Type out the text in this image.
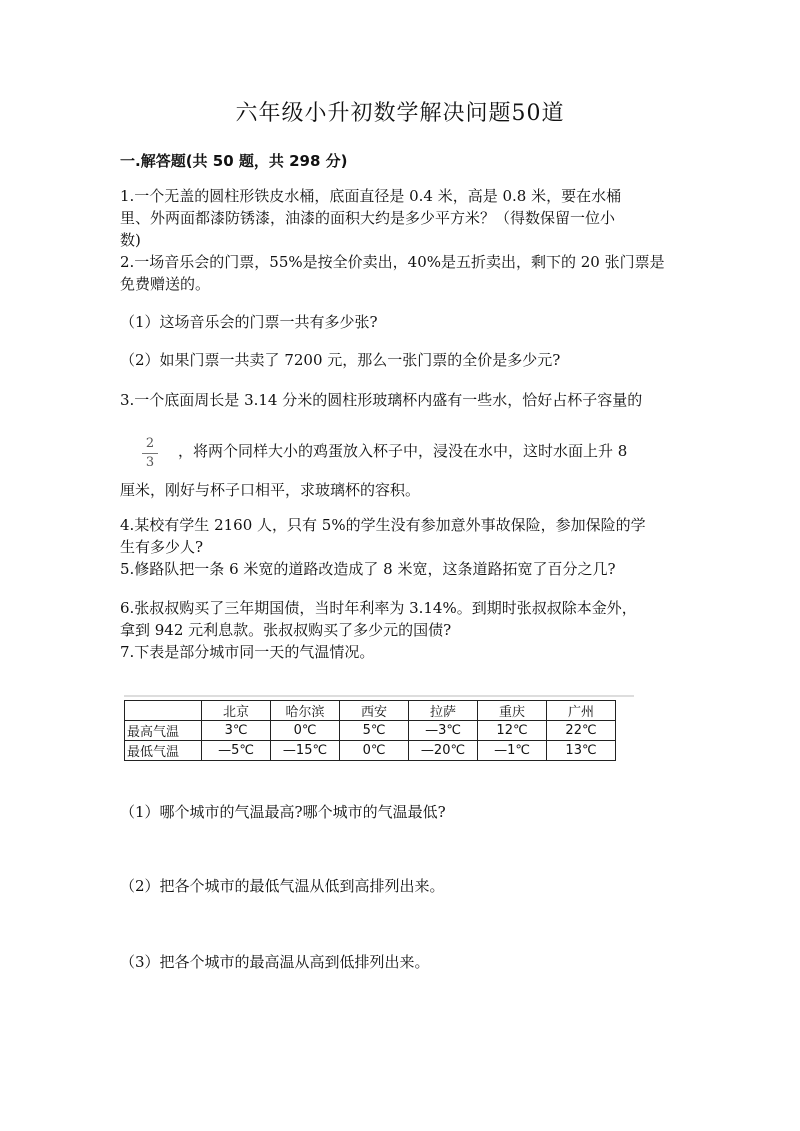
六年级小升初数学解决问题50道
一.解答题(共 50 题，共 298 分)

1.一个无盖的圆柱形铁皮水桶，底面直径是 0.4 米，高是 0.8 米，要在水桶

里、外两面都漆防锈漆，油漆的面积大约是多少平方米？（得数保留一位小

数)

2.一场音乐会的门票，55%是按全价卖出，40%是五折卖出，剩下的 20 张门票是

免费赠送的。

（1）这场音乐会的门票一共有多少张?

（2）如果门票一共卖了 7200 元，那么一张门票的全价是多少元?

3.一个底面周长是 3.14 分米的圆柱形玻璃杯内盛有一些水，恰好占杯子容量的

2
3
，将两个同样大小的鸡蛋放入杯子中，浸没在水中，这时水面上升 8

厘米，刚好与杯子口相平，求玻璃杯的容积。

4.某校有学生 2160 人，只有 5%的学生没有参加意外事故保险，参加保险的学

生有多少人?

5.修路队把一条 6 米宽的道路改造成了 8 米宽，这条道路拓宽了百分之几?

6.张叔叔购买了三年期国债，当时年利率为 3.14%。到期时张叔叔除本金外，

拿到 942 元利息款。张叔叔购买了多少元的国债?

7.下表是部分城市同一天的气温情况。

	北京	哈尔滨	西安	拉萨	重庆	广州
最高气温	3℃	0℃	5℃	—3℃	12℃	22℃
最低气温	—5℃	—15℃	0℃	—20℃	—1℃	13℃

（1）哪个城市的气温最高?哪个城市的气温最低?

（2）把各个城市的最低气温从低到高排列出来。

（3）把各个城市的最高温从高到低排列出来。
